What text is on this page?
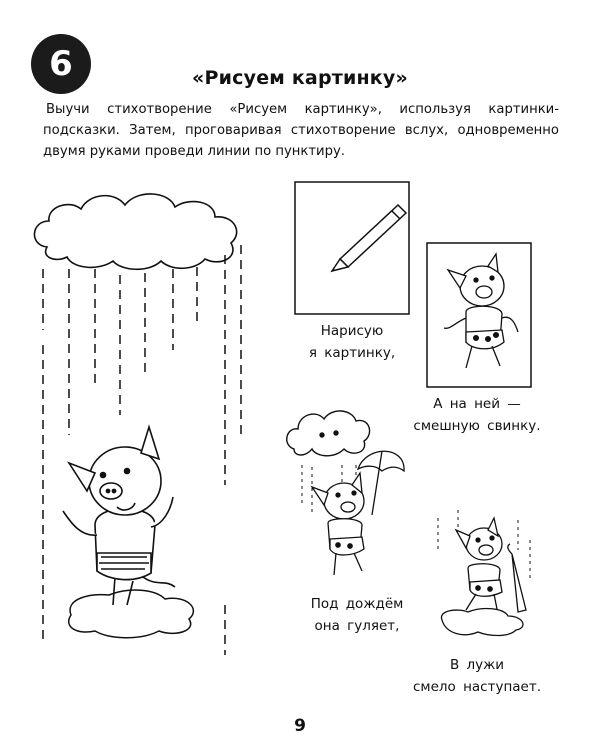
6	«Рисуем картинку»
Выучи стихотворение «Рисуем картинку», используя картинки-подсказки. Затем, проговаривая стихотворение вслух, одновременно двумя руками проведи линии по пунктиру.
Нарисую
я картинку,
А на ней —
смешную свинку.
Под дождём
она гуляет,
В лужи
смело наступает.
9
